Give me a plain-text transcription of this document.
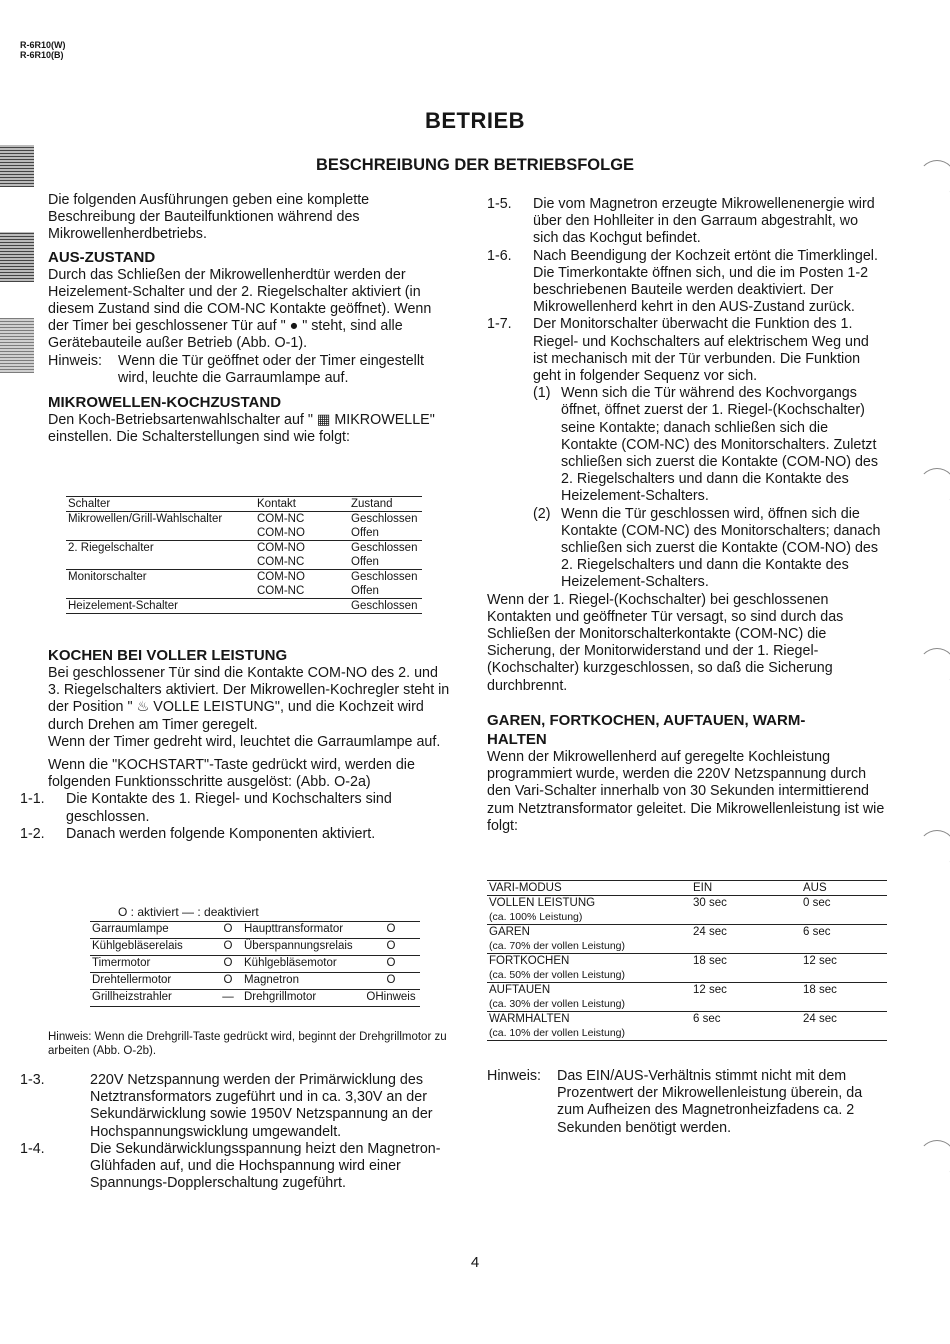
R-6R10(W)
R-6R10(B)
BETRIEB
BESCHREIBUNG DER BETRIEBSFOLGE

Die folgenden Ausführungen geben eine komplette Beschreibung der Bauteilfunktionen während des Mikrowellenherdbetriebs.

AUS-ZUSTAND

Durch das Schließen der Mikrowellenherdtür werden der Heizelement-Schalter und der 2. Riegelschalter aktiviert (in diesem Zustand sind die COM-NC Kontakte geöffnet). Wenn der Timer bei geschlossener Tür auf " ● " steht, sind alle Gerätebauteile außer Betrieb (Abb. O-1).

Hinweis:	Wenn die Tür geöffnet oder der Timer eingestellt wird, leuchte die Garraumlampe auf.

MIKROWELLEN-KOCHZUSTAND

Den Koch-Betriebsartenwahlschalter auf " ▦ MIKROWELLE" einstellen. Die Schalterstellungen sind wie folgt:

Schalter	Kontakt	Zustand
Mikrowellen/Grill-Wahlschalter	COM-NC	Geschlossen
	COM-NO	Offen
2. Riegelschalter	COM-NO	Geschlossen
	COM-NC	Offen
Monitorschalter	COM-NO	Geschlossen
	COM-NC	Offen
Heizelement-Schalter		Geschlossen

KOCHEN BEI VOLLER LEISTUNG

Bei geschlossener Tür sind die Kontakte COM-NO des 2. und 3. Riegelschalters aktiviert. Der Mikrowellen-Kochregler steht in der Position " ♨ VOLLE LEISTUNG", und die Kochzeit wird durch Drehen am Timer geregelt.

Wenn der Timer gedreht wird, leuchtet die Garraumlampe auf.

Wenn die "KOCHSTART"-Taste gedrückt wird, werden die folgenden Funktionsschritte ausgelöst: (Abb. O-2a)

1-1.	Die Kontakte des 1. Riegel- und Kochschalters sind geschlossen.
1-2.	Danach werden folgende Komponenten aktiviert.
O : aktiviert — : deaktiviert			
Garraumlampe	O	Haupttransformator	O
Kühlgebläserelais	O	Überspannungsrelais	O
Timermotor	O	Kühlgebläsemotor	O
Drehtellermotor	O	Magnetron	O
Grillheizstrahler	—	Drehgrillmotor	OHinweis
Hinweis: Wenn die Drehgrill-Taste gedrückt wird, beginnt der Drehgrillmotor zu arbeiten (Abb. O-2b).
1-3.	220V Netzspannung werden der Primärwicklung des Netztransformators zugeführt und in ca. 3,30V an der Sekundärwicklung sowie 1950V Netzspannung an der Hochspannungswicklung umgewandelt.
1-4.	Die Sekundärwicklungsspannung heizt den Magnetron-Glühfaden auf, und die Hochspannung wird einer Spannungs-Dopplerschaltung zugeführt.
1-5.	Die vom Magnetron erzeugte Mikrowellenenergie wird über den Hohlleiter in den Garraum abgestrahlt, wo sich das Kochgut befindet.
1-6.	Nach Beendigung der Kochzeit ertönt die Timerklingel. Die Timerkontakte öffnen sich, und die im Posten 1-2 beschriebenen Bauteile werden deaktiviert. Der Mikrowellenherd kehrt in den AUS-Zustand zurück.
1-7.	Der Monitorschalter überwacht die Funktion des 1. Riegel- und Kochschalters auf elektrischem Weg und ist mechanisch mit der Tür verbunden. Die Funktion geht in folgender Sequenz vor sich.
(1) Wenn sich die Tür während des Kochvorgangs öffnet, öffnet zuerst der 1. Riegel-(Kochschalter) seine Kontakte; danach schließen sich die Kontakte (COM-NC) des Monitorschalters. Zuletzt schließen sich zuerst die Kontakte (COM-NO) des 2. Riegelschalters und dann die Kontakte des Heizelement-Schalters.
(2) Wenn die Tür geschlossen wird, öffnen sich die Kontakte (COM-NC) des Monitorschalters; danach schließen sich zuerst die Kontakte (COM-NO) des 2. Riegelschalters und dann die Kontakte des Heizelement-Schalters.

Wenn der 1. Riegel-(Kochschalter) bei geschlossenen Kontakten und geöffneter Tür versagt, so sind durch das Schließen der Monitorschalterkontakte (COM-NC) die Sicherung, der Monitorwiderstand und der 1. Riegel-(Kochschalter) kurzgeschlossen, so daß die Sicherung durchbrennt.

GAREN, FORTKOCHEN, AUFTAUEN, WARM-

HALTEN

Wenn der Mikrowellenherd auf geregelte Kochleistung programmiert wurde, werden die 220V Netzspannung durch den Vari-Schalter innerhalb von 30 Sekunden intermittierend zum Netztransformator geleitet. Die Mikrowellenleistung ist wie folgt:

VARI-MODUS	EIN	AUS

VOLLEN LEISTUNG
(ca. 100% Leistung)	30 sec	0 sec

GAREN
(ca. 70% der vollen Leistung)	24 sec	6 sec

FORTKOCHEN
(ca. 50% der vollen Leistung)	18 sec	12 sec

AUFTAUEN
(ca. 30% der vollen Leistung)	12 sec	18 sec

WARMHALTEN
(ca. 10% der vollen Leistung)	6 sec	24 sec
Hinweis:	Das EIN/AUS-Verhältnis stimmt nicht mit dem Prozentwert der Mikrowellenleistung überein, da zum Aufheizen des Magnetronheizfadens ca. 2 Sekunden benötigt werden.
4
